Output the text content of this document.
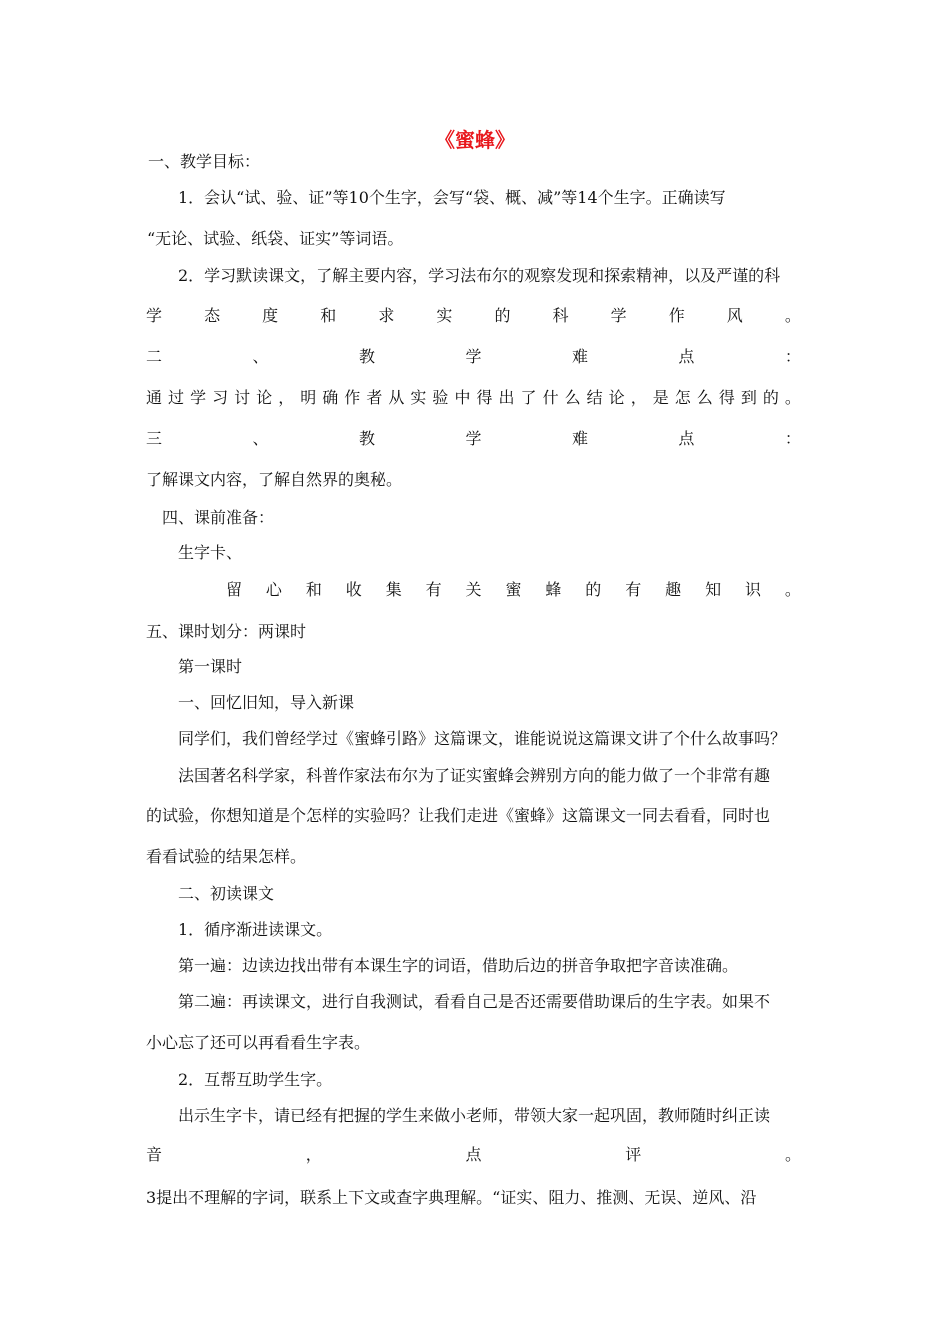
《蜜蜂》
一、教学目标：
1．会认“试、验、证”等10个生字，会写“袋、概、减”等14个生字。正确读写
“无论、试验、纸袋、证实”等词语。
2．学习默读课文，了解主要内容，学习法布尔的观察发现和探索精神，以及严谨的科
学	态	度	和	求	实	的	科	学	作	风	。
二	、	教	学	难	点	：
通 过 学 习 讨 论 ， 明 确 作 者 从 实 验 中 得 出 了 什 么 结 论 ， 是 怎 么 得 到 的 。
三	、	教	学	难	点	：
了解课文内容，了解自然界的奥秘。
四、课前准备：
生字卡、
留 心 和 收 集 有 关 蜜 蜂 的 有 趣 知 识 。
五、课时划分：两课时
第一课时
一、回忆旧知，导入新课
同学们，我们曾经学过《蜜蜂引路》这篇课文，谁能说说这篇课文讲了个什么故事吗？
法国著名科学家，科普作家法布尔为了证实蜜蜂会辨别方向的能力做了一个非常有趣
的试验，你想知道是个怎样的实验吗？让我们走进《蜜蜂》这篇课文一同去看看，同时也
看看试验的结果怎样。
二、初读课文
1．循序渐进读课文。
第一遍：边读边找出带有本课生字的词语，借助后边的拼音争取把字音读准确。
第二遍：再读课文，进行自我测试，看看自己是否还需要借助课后的生字表。如果不
小心忘了还可以再看看生字表。
2．互帮互助学生字。
出示生字卡，请已经有把握的学生来做小老师，带领大家一起巩固，教师随时纠正读
音	，	点	评	。
3提出不理解的字词，联系上下文或查字典理解。“证实、阻力、推测、无误、逆风、沿
